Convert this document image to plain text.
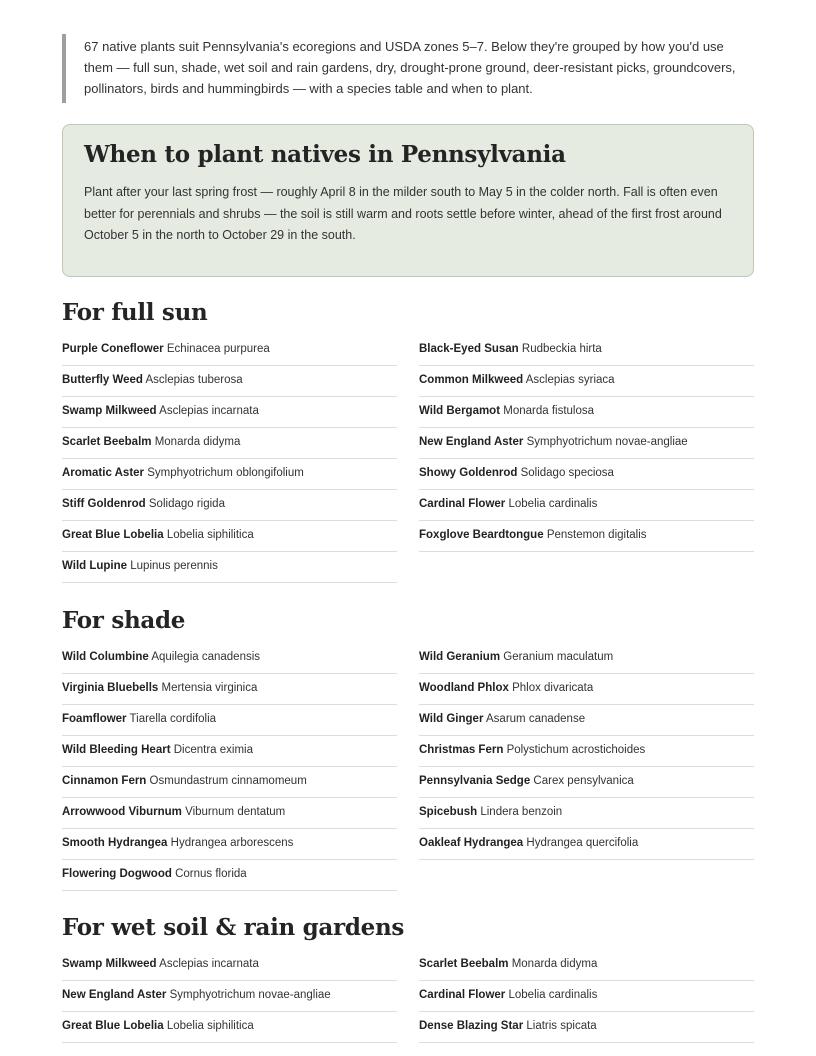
67 native plants suit Pennsylvania's ecoregions and USDA zones 5–7. Below they're grouped by how you'd use them — full sun, shade, wet soil and rain gardens, dry, drought-prone ground, deer-resistant picks, groundcovers, pollinators, birds and hummingbirds — with a species table and when to plant.
When to plant natives in Pennsylvania

Plant after your last spring frost — roughly April 8 in the milder south to May 5 in the colder north. Fall is often even better for perennials and shrubs — the soil is still warm and roots settle before winter, ahead of the first frost around October 5 in the north to October 29 in the south.

For full sun
Purple Coneflower Echinacea purpurea
Butterfly Weed Asclepias tuberosa
Swamp Milkweed Asclepias incarnata
Scarlet Beebalm Monarda didyma
Aromatic Aster Symphyotrichum oblongifolium
Stiff Goldenrod Solidago rigida
Great Blue Lobelia Lobelia siphilitica
Wild Lupine Lupinus perennis
Black-Eyed Susan Rudbeckia hirta
Common Milkweed Asclepias syriaca
Wild Bergamot Monarda fistulosa
New England Aster Symphyotrichum novae-angliae
Showy Goldenrod Solidago speciosa
Cardinal Flower Lobelia cardinalis
Foxglove Beardtongue Penstemon digitalis
For shade
Wild Columbine Aquilegia canadensis
Virginia Bluebells Mertensia virginica
Foamflower Tiarella cordifolia
Wild Bleeding Heart Dicentra eximia
Cinnamon Fern Osmundastrum cinnamomeum
Arrowwood Viburnum Viburnum dentatum
Smooth Hydrangea Hydrangea arborescens
Flowering Dogwood Cornus florida
Wild Geranium Geranium maculatum
Woodland Phlox Phlox divaricata
Wild Ginger Asarum canadense
Christmas Fern Polystichum acrostichoides
Pennsylvania Sedge Carex pensylvanica
Spicebush Lindera benzoin
Oakleaf Hydrangea Hydrangea quercifolia
For wet soil & rain gardens
Swamp Milkweed Asclepias incarnata
New England Aster Symphyotrichum novae-angliae
Great Blue Lobelia Lobelia siphilitica
Scarlet Beebalm Monarda didyma
Cardinal Flower Lobelia cardinalis
Dense Blazing Star Liatris spicata
